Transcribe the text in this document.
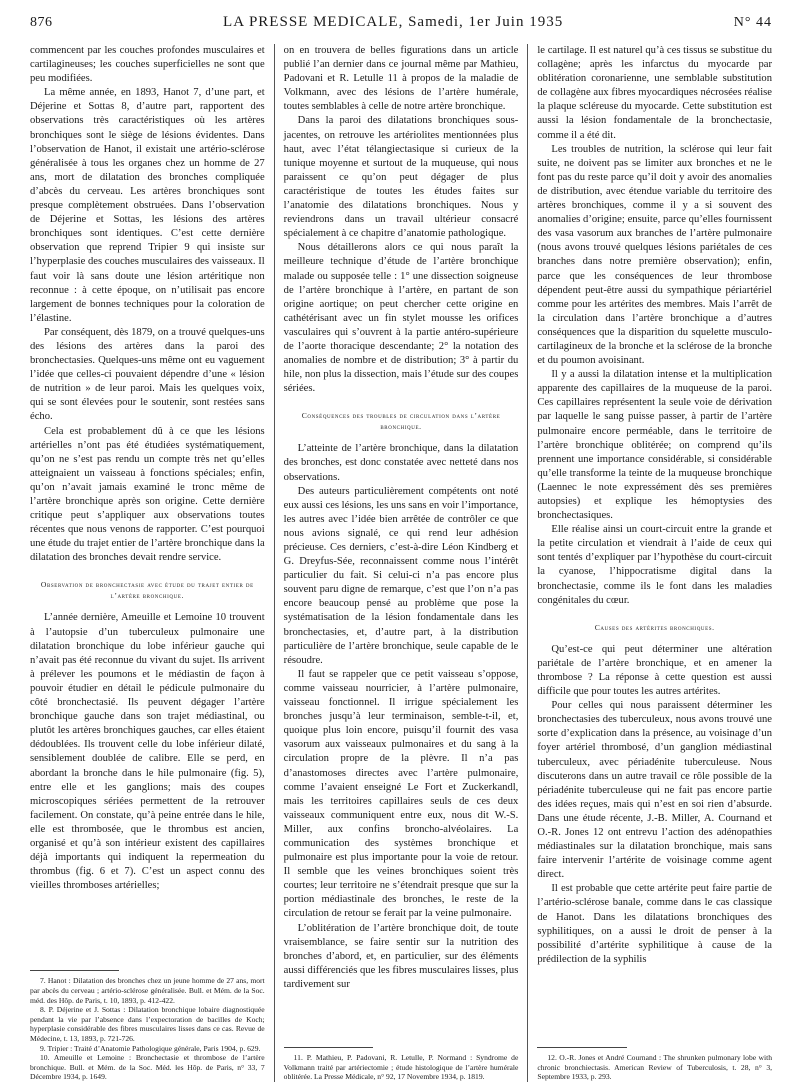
876	LA PRESSE MEDICALE, Samedi, 1er Juin 1935	N° 44

commencent par les couches profondes musculaires et cartilagineuses; les couches superficielles ne sont que peu modifiées.

La même année, en 1893, Hanot 7, d’une part, et Déjerine et Sottas 8, d’autre part, rapportent des observations très caractéristiques où les artères bronchiques sont le siège de lésions évidentes. Dans l’observation de Hanot, il existait une artério-sclérose généralisée à tous les organes chez un homme de 27 ans, mort de dilatation des bronches compliquée d’abcès du cerveau. Les artères bronchiques sont presque complètement obstruées. Dans l’observation de Déjerine et Sottas, les lésions des artères bronchiques sont identiques. C’est cette dernière observation que reprend Tripier 9 qui insiste sur l’hyperplasie des couches musculaires des vaisseaux. Il faut voir là sans doute une lésion artéritique non reconnue : à cette époque, on n’utilisait pas encore largement de bonnes techniques pour la coloration de l’élastine.

Par conséquent, dès 1879, on a trouvé quelques-uns des lésions des artères dans la paroi des bronchectasies. Quelques-uns même ont eu vaguement l’idée que celles-ci pouvaient dépendre d’une « lésion de nutrition » de leur paroi. Mais les quelques voix, qui se sont élevées pour le soutenir, sont restées sans écho.

Cela est probablement dû à ce que les lésions artérielles n’ont pas été étudiées systématiquement, qu’on ne s’est pas rendu un compte très net qu’elles atteignaient un vaisseau à fonctions spéciales; enfin, qu’on n’avait jamais examiné le tronc même de l’artère bronchique après son origine. Cette dernière critique peut s’appliquer aux observations toutes récentes que nous venons de rapporter. C’est pourquoi une étude du trajet entier de l’artère bronchique dans la dilatation des bronches devait rendre service.

Observation de bronchectasie avec étude du trajet entier de l’artère bronchique.

L’année dernière, Ameuille et Lemoine 10 trouvent à l’autopsie d’un tuberculeux pulmonaire une dilatation bronchique du lobe inférieur gauche qui n’avait pas été reconnue du vivant du sujet. Ils arrivent à prélever les poumons et le médiastin de façon à pouvoir étudier en détail le pédicule pulmonaire du côté bronchectasié. Ils peuvent dégager l’artère bronchique gauche dans son trajet médiastinal, ou plutôt les artères bronchiques gauches, car elles étaient dédoublées. Ils trouvent celle du lobe inférieur dilaté, sensiblement doublée de calibre. Elle se perd, en abordant la bronche dans le hile pulmonaire (fig. 5), entre elle et les ganglions; mais des coupes microscopiques sériées permettent de la retrouver facilement. On constate, qu’à peine entrée dans le hile, elle est thrombosée, que le thrombus est ancien, organisé et qu’à son intérieur existent des capillaires déjà importants qui indiquent la repermeation du thrombus (fig. 6 et 7). C’est un aspect connu des vieilles thromboses artérielles;

7. Hanot : Dilatation des bronches chez un jeune homme de 27 ans, mort par abcès du cerveau ; artério-sclérose généralisée. Bull. et Mém. de la Soc. méd. des Hôp. de Paris, t. 10, 1893, p. 412-422.

8. P. Déjerine et J. Sottas : Dilatation bronchique lobaire diagnostiquée pendant la vie par l’absence dans l’expectoration de bacilles de Koch; hyperplasie considérable des fibres musculaires lisses dans ce cas. Revue de Médecine, t. 13, 1893, p. 721-726.

9. Tripier : Traité d’Anatomie Pathologique générale, Paris 1904, p. 629.

10. Ameuille et Lemoine : Bronchectasie et thrombose de l’artère bronchique. Bull. et Mém. de la Soc. Méd. les Hôp. de Paris, n° 33, 7 Décembre 1934, p. 1649.

on en trouvera de belles figurations dans un article publié l’an dernier dans ce journal même par Mathieu, Padovani et R. Letulle 11 à propos de la maladie de Volkmann, avec des lésions de l’artère humérale, toutes semblables à celle de notre artère bronchique.

Dans la paroi des dilatations bronchiques sous-jacentes, on retrouve les artériolites mentionnées plus haut, avec l’état télangiectasique si curieux de la tunique moyenne et surtout de la muqueuse, qui nous paraissent ce qu’on peut dégager de plus caractéristique de toutes les études faites sur l’anatomie des dilatations bronchiques. Nous y reviendrons dans un travail ultérieur consacré spécialement à ce chapitre d’anatomie pathologique.

Nous détaillerons alors ce qui nous paraît la meilleure technique d’étude de l’artère bronchique malade ou supposée telle : 1° une dissection soigneuse de l’artère bronchique à l’artère, en partant de son origine aortique; on peut chercher cette origine en cathétérisant avec un fin stylet mousse les orifices vasculaires qui s’ouvrent à la partie antéro-supérieure de l’aorte thoracique descendante; 2° la notation des anomalies de nombre et de distribution; 3° à partir du hile, non plus la dissection, mais l’étude sur des coupes sériées.

Conséquences des troubles de circulation dans l’artère bronchique.

L’atteinte de l’artère bronchique, dans la dilatation des bronches, est donc constatée avec netteté dans nos observations.

Des auteurs particulièrement compétents ont noté eux aussi ces lésions, les uns sans en voir l’importance, les autres avec l’idée bien arrêtée de contrôler ce que nous avions signalé, ce qui rend leur adhésion précieuse. Ces derniers, c’est-à-dire Léon Kindberg et G. Dreyfus-Sée, reconnaissent comme nous l’intérêt particulier du fait. Si celui-ci n’a pas encore plus souvent paru digne de remarque, c’est que l’on n’a pas encore beaucoup pensé au problème que pose la systématisation de la lésion fondamentale dans les bronchectasies, et, d’autre part, à la distribution particulière de l’artère bronchique, seule capable de le résoudre.

Il faut se rappeler que ce petit vaisseau s’oppose, comme vaisseau nourricier, à l’artère pulmonaire, vaisseau fonctionnel. Il irrigue spécialement les bronches jusqu’à leur terminaison, semble-t-il, et, quoique plus loin encore, puisqu’il fournit des vasa vasorum aux vaisseaux pulmonaires et du sang à la circulation propre de la plèvre. Il n’a pas d’anastomoses directes avec l’artère pulmonaire, comme l’avaient enseigné Le Fort et Zuckerkandl, mais les territoires capillaires seuls de ces deux vaisseaux communiquent entre eux, nous dit W.-S. Miller, aux confins broncho-alvéolaires. La communication des systèmes bronchique et pulmonaire est plus importante pour la voie de retour. Il semble que les veines bronchiques soient très courtes; leur territoire ne s’étendrait presque que sur la portion médiastinale des bronches, le reste de la circulation de retour se ferait par la veine pulmonaire.

L’oblitération de l’artère bronchique doit, de toute vraisemblance, se faire sentir sur la nutrition des bronches d’abord, et, en particulier, sur des éléments aussi différenciés que les fibres musculaires lisses, plus tardivement sur

11. P. Mathieu, P. Padovani, R. Letulle, P. Normand : Syndrome de Volkmann traité par artériectomie ; étude histologique de l’artère humérale oblitérée. La Presse Médicale, n° 92, 17 Novembre 1934, p. 1819.

le cartilage. Il est naturel qu’à ces tissus se substitue du collagène; après les infarctus du myocarde par oblitération coronarienne, une semblable substitution de collagène aux fibres myocardiques nécrosées réalise la plaque scléreuse du myocarde. Cette substitution est aussi la lésion fondamentale de la bronchectasie, comme il a été dit.

Les troubles de nutrition, la sclérose qui leur fait suite, ne doivent pas se limiter aux bronches et ne le font pas du reste parce qu’il doit y avoir des anomalies de distribution, avec étendue variable du territoire des artères bronchiques, comme il y a si souvent des anomalies d’origine; ensuite, parce qu’elles fournissent des vasa vasorum aux branches de l’artère pulmonaire (nous avons trouvé quelques lésions pariétales de ces branches dans notre première observation); enfin, parce que les conséquences de leur thrombose dépendent peut-être aussi du sympathique périartériel comme pour les artérites des membres. Mais l’arrêt de la circulation dans l’artère bronchique a d’autres conséquences que la disparition du squelette musculo-cartilagineux de la bronche et la sclérose de la bronche et du poumon avoisinant.

Il y a aussi la dilatation intense et la multiplication apparente des capillaires de la muqueuse de la paroi. Ces capillaires représentent la seule voie de dérivation par laquelle le sang puisse passer, à partir de l’artère pulmonaire encore perméable, dans le territoire de l’artère bronchique oblitérée; on comprend qu’ils prennent une importance considérable, si considérable qu’elle transforme la teinte de la muqueuse bronchique (Laennec le note expressément dès ses premières autopsies) et explique les hémoptysies des bronchectasiques.

Elle réalise ainsi un court-circuit entre la grande et la petite circulation et viendrait à l’aide de ceux qui sont tentés d’expliquer par l’hypothèse du court-circuit la cyanose, l’hippocratisme digital dans la bronchectasie, comme ils le font dans les maladies congénitales du cœur.

Causes des artérites bronchiques.

Qu’est-ce qui peut déterminer une altération pariétale de l’artère bronchique, et en amener la thrombose ? La réponse à cette question est aussi difficile que pour toutes les autres artérites.

Pour celles qui nous paraissent déterminer les bronchectasies des tuberculeux, nous avons trouvé une sorte d’explication dans la présence, au voisinage d’un foyer artériel thrombosé, d’un ganglion médiastinal tuberculeux, avec périadénite tuberculeuse. Nous discuterons dans un autre travail ce rôle possible de la périadénite tuberculeuse qui ne fait pas encore partie des idées reçues, mais qui n’est en soi rien d’absurde. Dans une étude récente, J.-B. Miller, A. Cournand et O.-R. Jones 12 ont entrevu l’action des adénopathies médiastinales sur la dilatation bronchique, mais sans faire intervenir l’artérite de voisinage comme agent direct.

Il est probable que cette artérite peut faire partie de l’artério-sclérose banale, comme dans le cas classique de Hanot. Dans les dilatations bronchiques des syphilitiques, on a aussi le droit de penser à la possibilité d’artérite syphilitique à cause de la prédilection de la syphilis

12. O.-R. Jones et André Cournand : The shrunken pulmonary lobe with chronic bronchiectasis. American Review of Tuberculosis, t. 28, n° 3, Septembre 1933, p. 293.
